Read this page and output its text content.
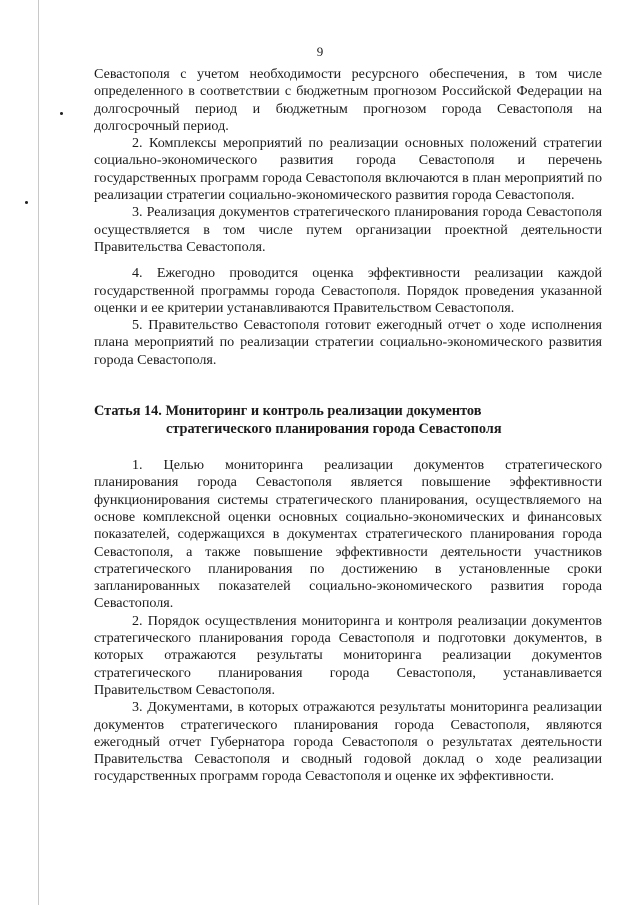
9

Севастополя с учетом необходимости ресурсного обеспечения, в том числе определенного в соответствии с бюджетным прогнозом Российской Федерации на долгосрочный период и бюджетным прогнозом города Севастополя на долгосрочный период.

2. Комплексы мероприятий по реализации основных положений стратегии социально-экономического развития города Севастополя и перечень государственных программ города Севастополя включаются в план мероприятий по реализации стратегии социально-экономического развития города Севастополя.

3. Реализация документов стратегического планирования города Севастополя осуществляется в том числе путем организации проектной деятельности Правительства Севастополя.

4. Ежегодно проводится оценка эффективности реализации каждой государственной программы города Севастополя. Порядок проведения указанной оценки и ее критерии устанавливаются Правительством Севастополя.

5. Правительство Севастополя готовит ежегодный отчет о ходе исполнения плана мероприятий по реализации стратегии социально-экономического развития города Севастополя.

Статья 14. Мониторинг и контроль реализации документов
стратегического планирования города Севастополя

1. Целью мониторинга реализации документов стратегического планирования города Севастополя является повышение эффективности функционирования системы стратегического планирования, осуществляемого на основе комплексной оценки основных социально-экономических и финансовых показателей, содержащихся в документах стратегического планирования города Севастополя, а также повышение эффективности деятельности участников стратегического планирования по достижению в установленные сроки запланированных показателей социально-экономического развития города Севастополя.

2. Порядок осуществления мониторинга и контроля реализации документов стратегического планирования города Севастополя и подготовки документов, в которых отражаются результаты мониторинга реализации документов стратегического планирования города Севастополя, устанавливается Правительством Севастополя.

3. Документами, в которых отражаются результаты мониторинга реализации документов стратегического планирования города Севастополя, являются ежегодный отчет Губернатора города Севастополя о результатах деятельности Правительства Севастополя и сводный годовой доклад о ходе реализации государственных программ города Севастополя и оценке их эффективности.
